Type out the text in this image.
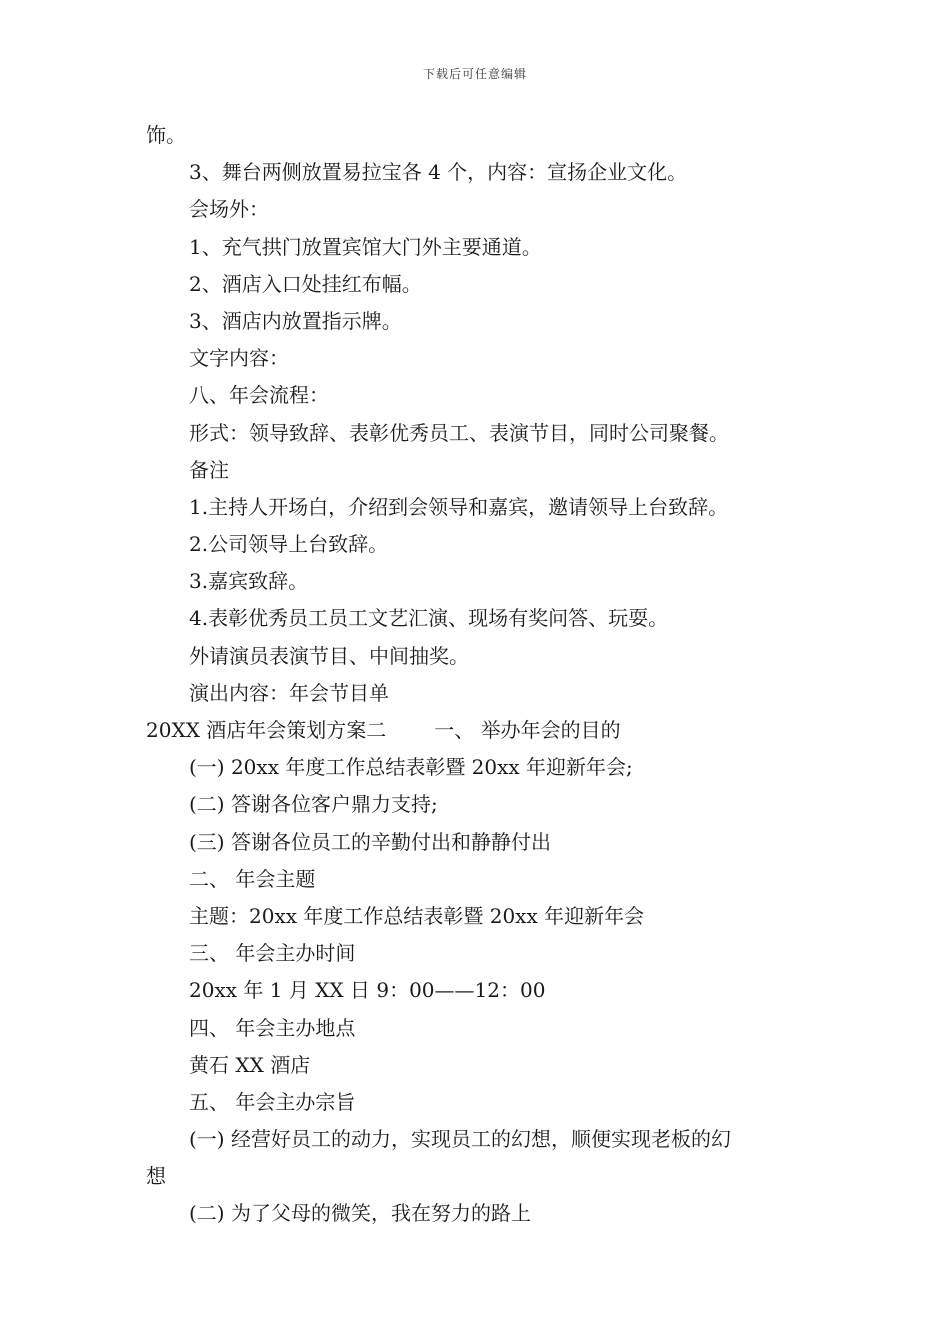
下载后可任意编辑
饰。
3、舞台两侧放置易拉宝各 4 个，内容：宣扬企业文化。
会场外：
1、充气拱门放置宾馆大门外主要通道。
2、酒店入口处挂红布幅。
3、酒店内放置指示牌。
文字内容：
八、年会流程：
形式：领导致辞、表彰优秀员工、表演节目，同时公司聚餐。
备注
1.主持人开场白，介绍到会领导和嘉宾，邀请领导上台致辞。
2.公司领导上台致辞。
3.嘉宾致辞。
4.表彰优秀员工员工文艺汇演、现场有奖问答、玩耍。
外请演员表演节目、中间抽奖。
演出内容：年会节目单
20XX 酒店年会策划方案二 一、 举办年会的目的
(一) 20xx 年度工作总结表彰暨 20xx 年迎新年会;
(二) 答谢各位客户鼎力支持;
(三) 答谢各位员工的辛勤付出和静静付出
二、 年会主题
主题：20xx 年度工作总结表彰暨 20xx 年迎新年会
三、 年会主办时间
20xx 年 1 月 XX 日 9：00——12：00
四、 年会主办地点
黄石 XX 酒店
五、 年会主办宗旨
(一) 经营好员工的动力，实现员工的幻想，顺便实现老板的幻
想
(二) 为了父母的微笑，我在努力的路上
